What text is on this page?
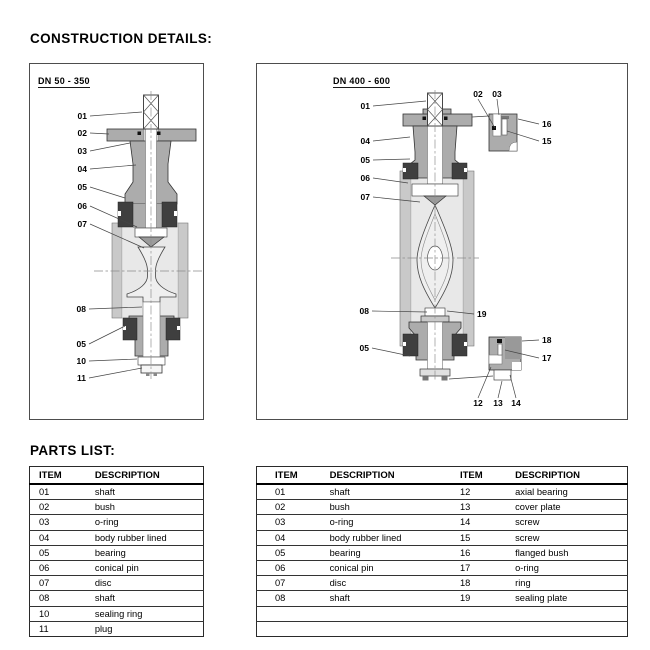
CONSTRUCTION DETAILS:
01
02
03
04
05
06
07
08
05
10
11
DN 50 - 350
01
04
05
06
07
08
05
02 03
16
15
19
18
17
12 13 14
DN 400 - 600
PARTS LIST:
ITEM	DESCRIPTION
01	shaft
02	bush
03	o-ring
04	body rubber lined
05	bearing
06	conical pin
07	disc
08	shaft
10	sealing ring
11	plug
ITEM	DESCRIPTION	ITEM	DESCRIPTION
01	shaft	12	axial bearing
02	bush	13	cover plate
03	o-ring	14	screw
04	body rubber lined	15	screw
05	bearing	16	flanged bush
06	conical pin	17	o-ring
07	disc	18	ring
08	shaft	19	sealing plate
